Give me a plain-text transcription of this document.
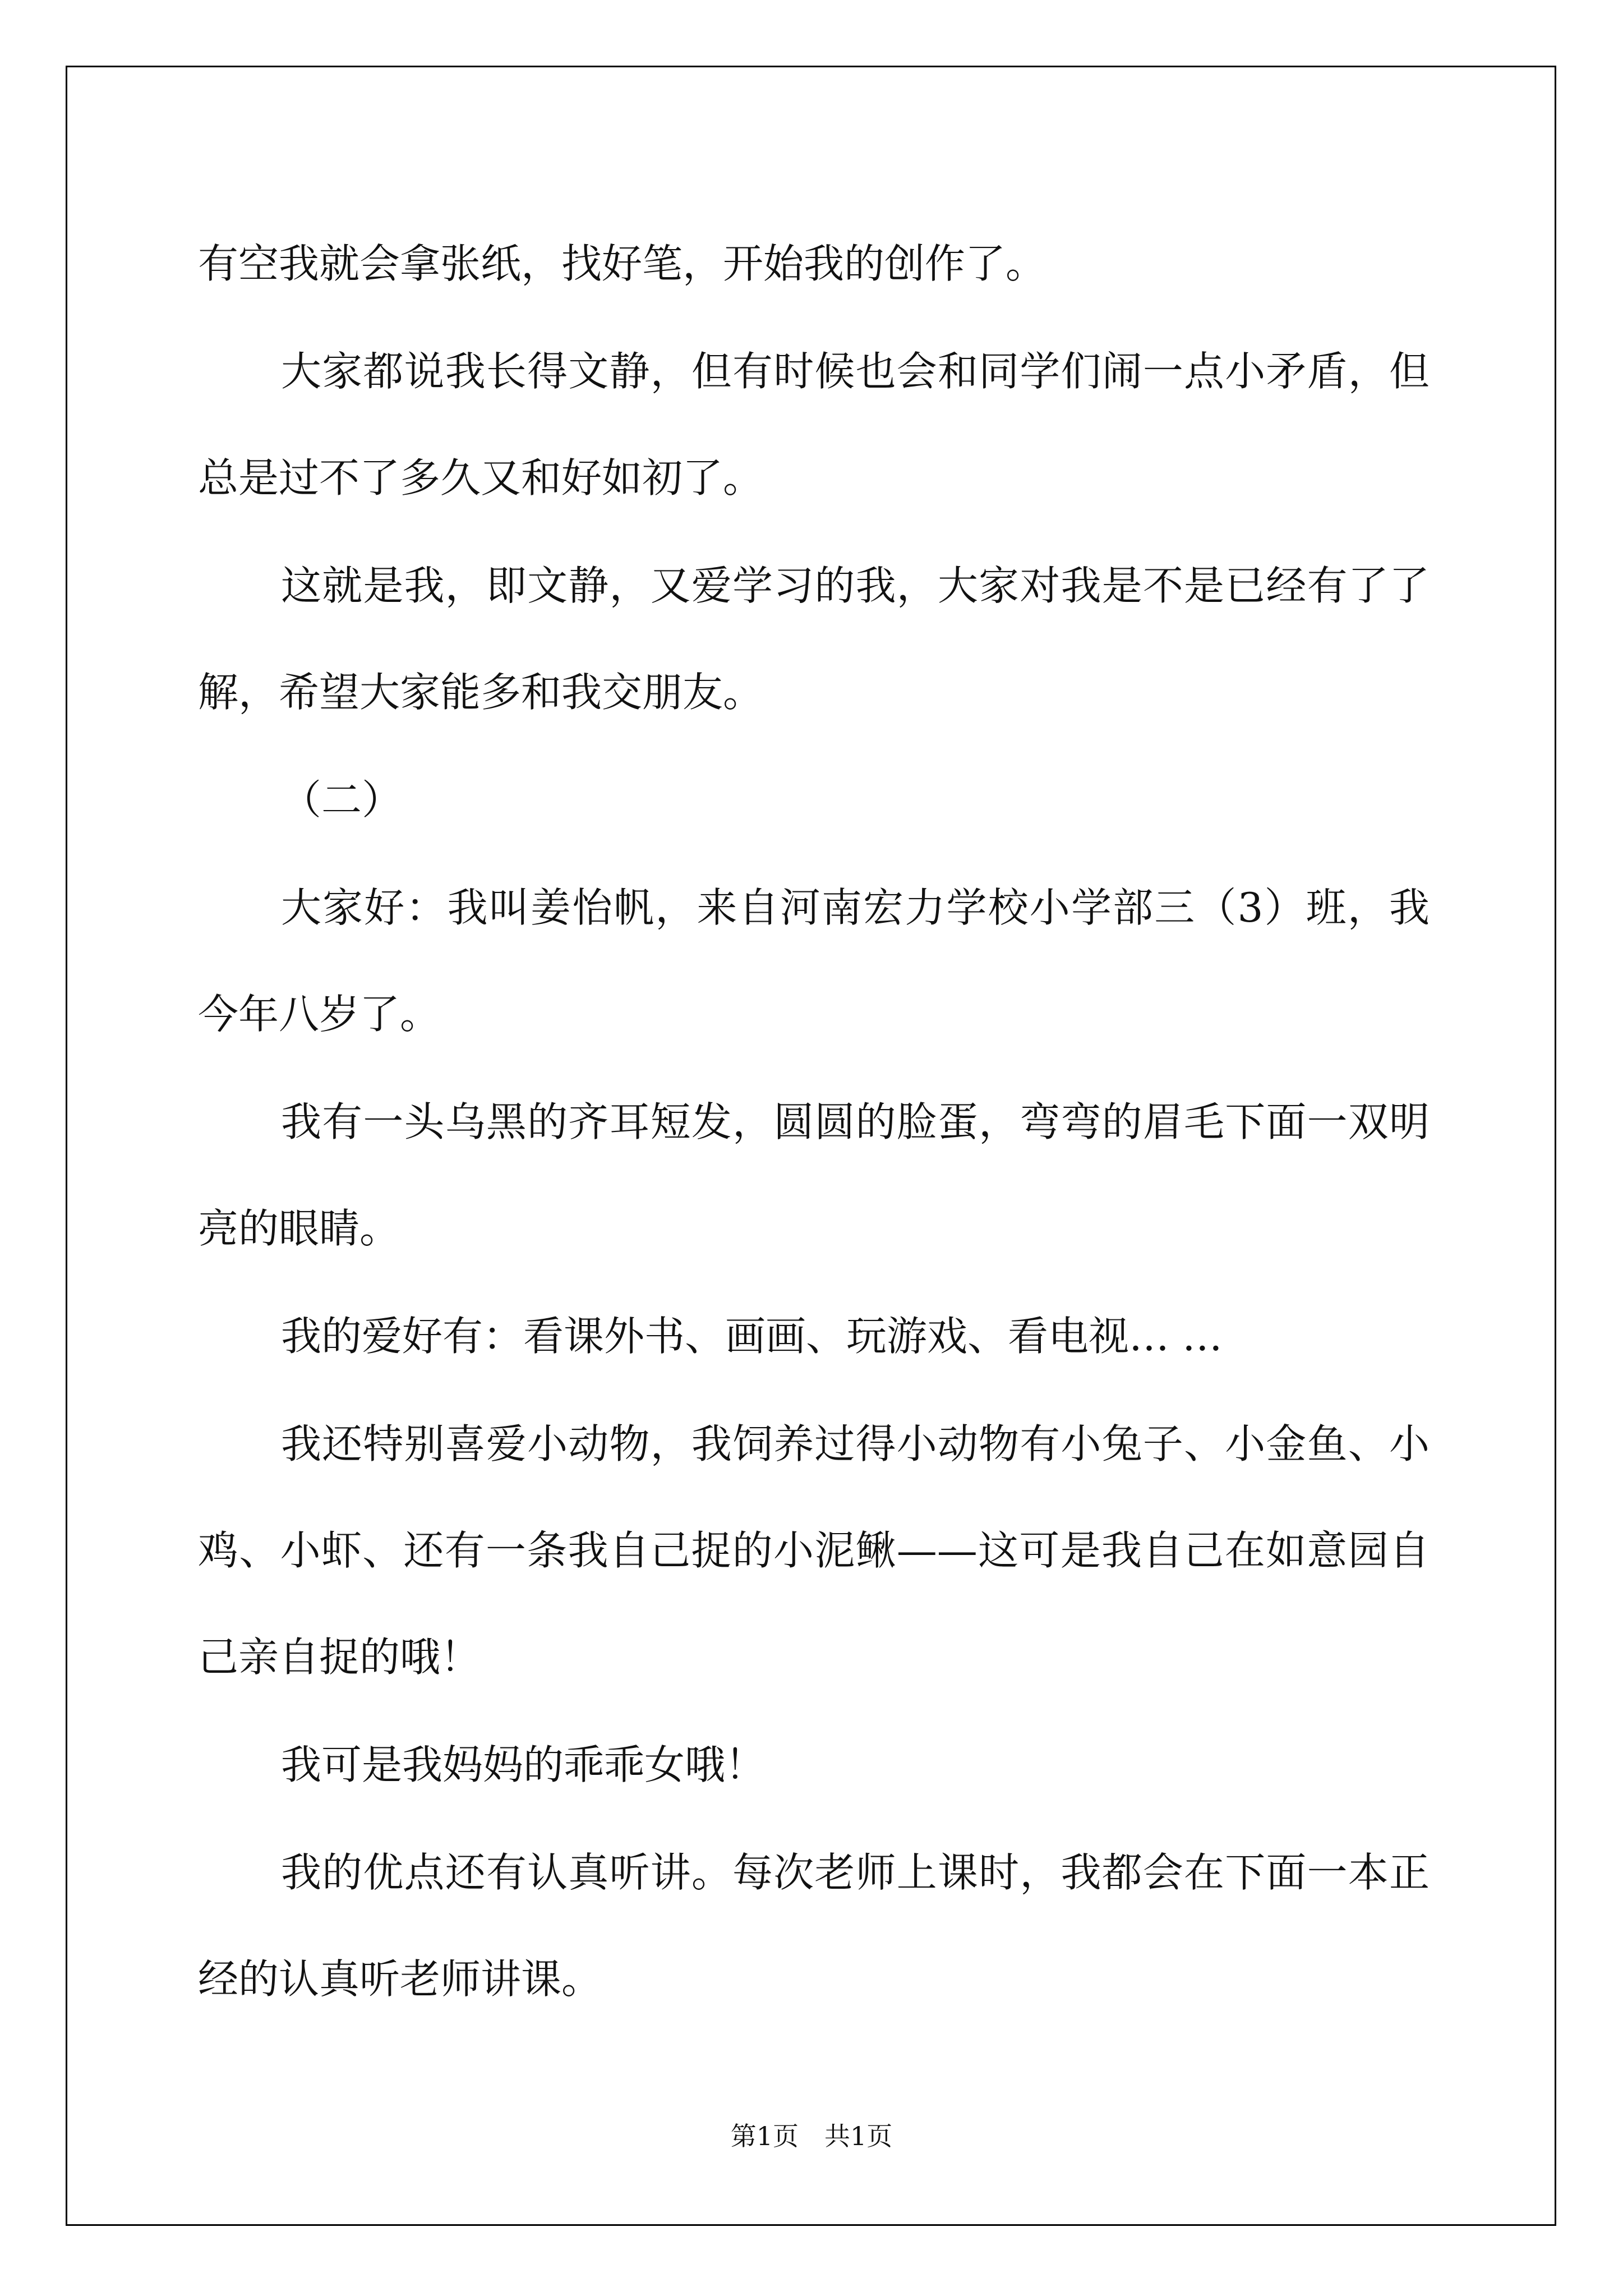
有空我就会拿张纸，找好笔，开始我的创作了。

大家都说我长得文静，但有时候也会和同学们闹一点小矛盾，但总是过不了多久又和好如初了。

这就是我，即文静，又爱学习的我，大家对我是不是已经有了了解，希望大家能多和我交朋友。

（二）

大家好：我叫姜怡帆，来自河南宏力学校小学部三（3）班，我今年八岁了。

我有一头乌黑的齐耳短发，圆圆的脸蛋，弯弯的眉毛下面一双明亮的眼睛。

我的爱好有：看课外书、画画、玩游戏、看电视… …

我还特别喜爱小动物，我饲养过得小动物有小兔子、小金鱼、小鸡、小虾、还有一条我自己捉的小泥鳅——这可是我自己在如意园自己亲自捉的哦！

我可是我妈妈的乖乖女哦！

我的优点还有认真听讲。每次老师上课时，我都会在下面一本正经的认真听老师讲课。

第1页 共1页
